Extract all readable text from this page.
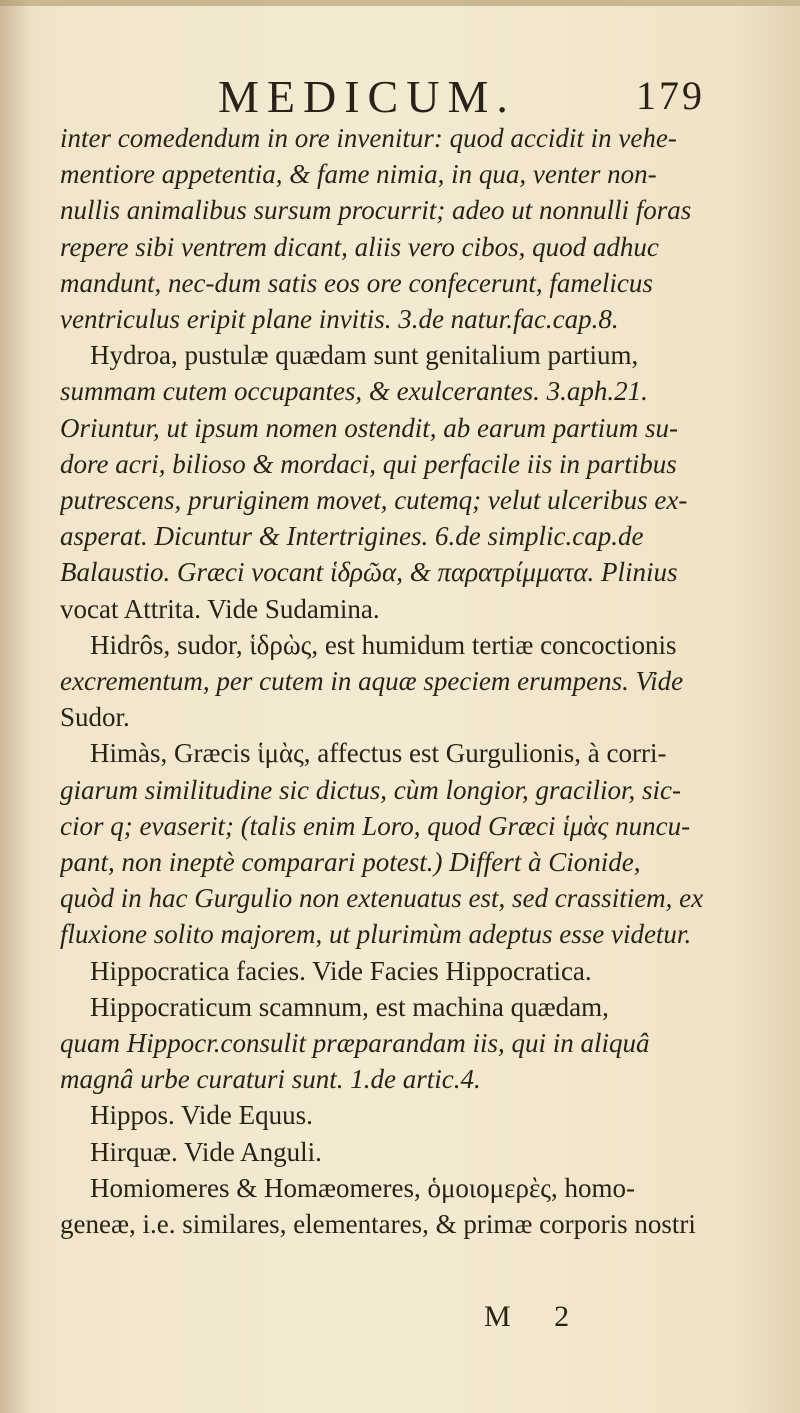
MEDICUM.	179
inter comedendum in ore invenitur: quod accidit in vehe-
mentiore appetentia, & fame nimia, in qua, venter non-
nullis animalibus sursum procurrit; adeo ut nonnulli foras
repere sibi ventrem dicant, aliis vero cibos, quod adhuc
mandunt, nec-dum satis eos ore confecerunt, famelicus
ventriculus eripit plane invitis. 3.de natur.fac.cap.8.
Hydroa, pustulæ quædam sunt genitalium partium,
summam cutem occupantes, & exulcerantes. 3.aph.21.
Oriuntur, ut ipsum nomen ostendit, ab earum partium su-
dore acri, bilioso & mordaci, qui perfacile iis in partibus
putrescens, pruriginem movet, cutemq; velut ulceribus ex-
asperat. Dicuntur & Intertrigines. 6.de simplic.cap.de
Balaustio. Græci vocant ἱδρῶα, & παρατρίμματα. Plinius
vocat Attrita. Vide Sudamina.
Hidrôs, sudor, ἱδρὼς, est humidum tertiæ concoctionis
excrementum, per cutem in aquæ speciem erumpens. Vide
Sudor.
Himàs, Græcis ἱμὰς, affectus est Gurgulionis, à corri-
giarum similitudine sic dictus, cùm longior, gracilior, sic-
cior q; evaserit; (talis enim Loro, quod Græci ἱμὰς nuncu-
pant, non ineptè comparari potest.) Differt à Cionide,
quòd in hac Gurgulio non extenuatus est, sed crassitiem, ex
fluxione solito majorem, ut plurimùm adeptus esse videtur.
Hippocratica facies. Vide Facies Hippocratica.
Hippocraticum scamnum, est machina quædam,
quam Hippocr.consulit præparandam iis, qui in aliquâ
magnâ urbe curaturi sunt. 1.de artic.4.
Hippos. Vide Equus.
Hirquæ. Vide Anguli.
Homiomeres & Homæomeres, ὁμοιομερὲς, homo-
geneæ, i.e. similares, elementares, & primæ corporis nostri
M 2
